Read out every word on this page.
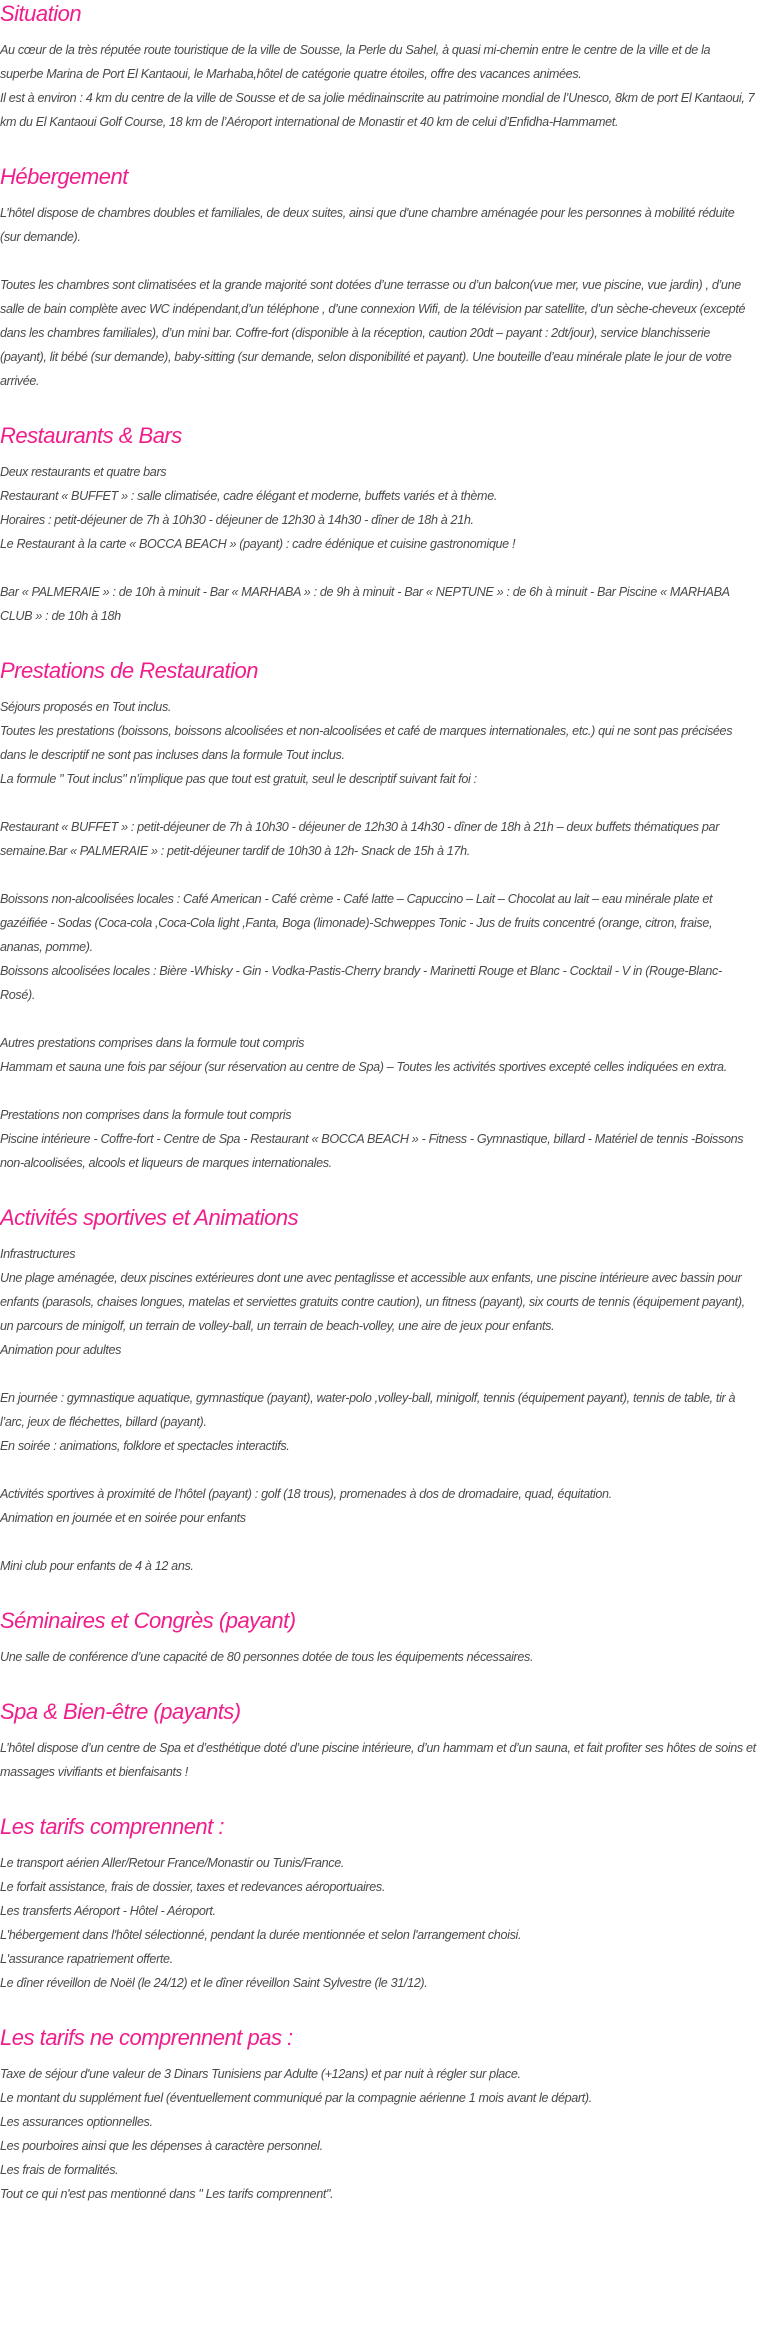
Situation

Au cœur de la très réputée route touristique de la ville de Sousse, la Perle du Sahel, à quasi mi-chemin entre le centre de la ville et de la superbe Marina de Port El Kantaoui, le Marhaba,hôtel de catégorie quatre étoiles, offre des vacances animées.

Il est à environ : 4 km du centre de la ville de Sousse et de sa jolie médinainscrite au patrimoine mondial de l’Unesco, 8km de port El Kantaoui, 7 km du El Kantaoui Golf Course, 18 km de l’Aéroport international de Monastir et 40 km de celui d’Enfidha-Hammamet.

Hébergement

L’hôtel dispose de chambres doubles et familiales, de deux suites, ainsi que d'une chambre aménagée pour les personnes à mobilité réduite (sur demande).

Toutes les chambres sont climatisées et la grande majorité sont dotées d’une terrasse ou d’un balcon(vue mer, vue piscine, vue jardin) , d’une salle de bain complète avec WC indépendant,d’un téléphone , d’une connexion Wifi, de la télévision par satellite, d’un sèche-cheveux (excepté dans les chambres familiales), d’un mini bar. Coffre-fort (disponible à la réception, caution 20dt – payant : 2dt/jour), service blanchisserie (payant), lit bébé (sur demande), baby-sitting (sur demande, selon disponibilité et payant). Une bouteille d’eau minérale plate le jour de votre arrivée.

Restaurants & Bars

Deux restaurants et quatre bars

Restaurant « BUFFET » : salle climatisée, cadre élégant et moderne, buffets variés et à thème.

Horaires : petit-déjeuner de 7h à 10h30 - déjeuner de 12h30 à 14h30 - dîner de 18h à 21h.

Le Restaurant à la carte « BOCCA BEACH » (payant) : cadre édénique et cuisine gastronomique !

Bar « PALMERAIE » : de 10h à minuit - Bar « MARHABA » : de 9h à minuit - Bar « NEPTUNE » : de 6h à minuit - Bar Piscine « MARHABA CLUB » : de 10h à 18h

Prestations de Restauration

Séjours proposés en Tout inclus.

Toutes les prestations (boissons, boissons alcoolisées et non-alcoolisées et café de marques internationales, etc.) qui ne sont pas précisées dans le descriptif ne sont pas incluses dans la formule Tout inclus.

La formule " Tout inclus" n’implique pas que tout est gratuit, seul le descriptif suivant fait foi :

Restaurant « BUFFET » : petit-déjeuner de 7h à 10h30 - déjeuner de 12h30 à 14h30 - dîner de 18h à 21h – deux buffets thématiques par semaine.Bar « PALMERAIE » : petit-déjeuner tardif de 10h30 à 12h- Snack de 15h à 17h.

Boissons non-alcoolisées locales : Café American - Café crème - Café latte – Capuccino – Lait – Chocolat au lait – eau minérale plate et gazéifiée - Sodas (Coca-cola ,Coca-Cola light ,Fanta, Boga (limonade)-Schweppes Tonic - Jus de fruits concentré (orange, citron, fraise, ananas, pomme).

Boissons alcoolisées locales : Bière -Whisky - Gin - Vodka-Pastis-Cherry brandy - Marinetti Rouge et Blanc - Cocktail - V in (Rouge-Blanc-Rosé).

Autres prestations comprises dans la formule tout compris

Hammam et sauna une fois par séjour (sur réservation au centre de Spa) – Toutes les activités sportives excepté celles indiquées en extra.

Prestations non comprises dans la formule tout compris

Piscine intérieure - Coffre-fort - Centre de Spa - Restaurant « BOCCA BEACH » - Fitness - Gymnastique, billard - Matériel de tennis -Boissons non-alcoolisées, alcools et liqueurs de marques internationales.

Activités sportives et Animations

Infrastructures

Une plage aménagée, deux piscines extérieures dont une avec pentaglisse et accessible aux enfants, une piscine intérieure avec bassin pour enfants (parasols, chaises longues, matelas et serviettes gratuits contre caution), un fitness (payant), six courts de tennis (équipement payant), un parcours de minigolf, un terrain de volley-ball, un terrain de beach-volley, une aire de jeux pour enfants.

Animation pour adultes

En journée : gymnastique aquatique, gymnastique (payant), water-polo ,volley-ball, minigolf, tennis (équipement payant), tennis de table, tir à l’arc, jeux de fléchettes, billard (payant).

En soirée : animations, folklore et spectacles interactifs.

Activités sportives à proximité de l’hôtel (payant) : golf (18 trous), promenades à dos de dromadaire, quad, équitation.

Animation en journée et en soirée pour enfants

Mini club pour enfants de 4 à 12 ans.

Séminaires et Congrès (payant)

Une salle de conférence d’une capacité de 80 personnes dotée de tous les équipements nécessaires.

Spa & Bien-être (payants)

L’hôtel dispose d’un centre de Spa et d’esthétique doté d’une piscine intérieure, d’un hammam et d’un sauna, et fait profiter ses hôtes de soins et massages vivifiants et bienfaisants !

Les tarifs comprennent :

Le transport aérien Aller/Retour France/Monastir ou Tunis/France.

Le forfait assistance, frais de dossier, taxes et redevances aéroportuaires.

Les transferts Aéroport - Hôtel - Aéroport.

L'hébergement dans l'hôtel sélectionné, pendant la durée mentionnée et selon l'arrangement choisi.

L'assurance rapatriement offerte.

Le dîner réveillon de Noël (le 24/12) et le dîner réveillon Saint Sylvestre (le 31/12).

Les tarifs ne comprennent pas :

Taxe de séjour d'une valeur de 3 Dinars Tunisiens par Adulte (+12ans) et par nuit à régler sur place.

Le montant du supplément fuel (éventuellement communiqué par la compagnie aérienne 1 mois avant le départ).

Les assurances optionnelles.

Les pourboires ainsi que les dépenses à caractère personnel.

Les frais de formalités.

Tout ce qui n'est pas mentionné dans " Les tarifs comprennent".
